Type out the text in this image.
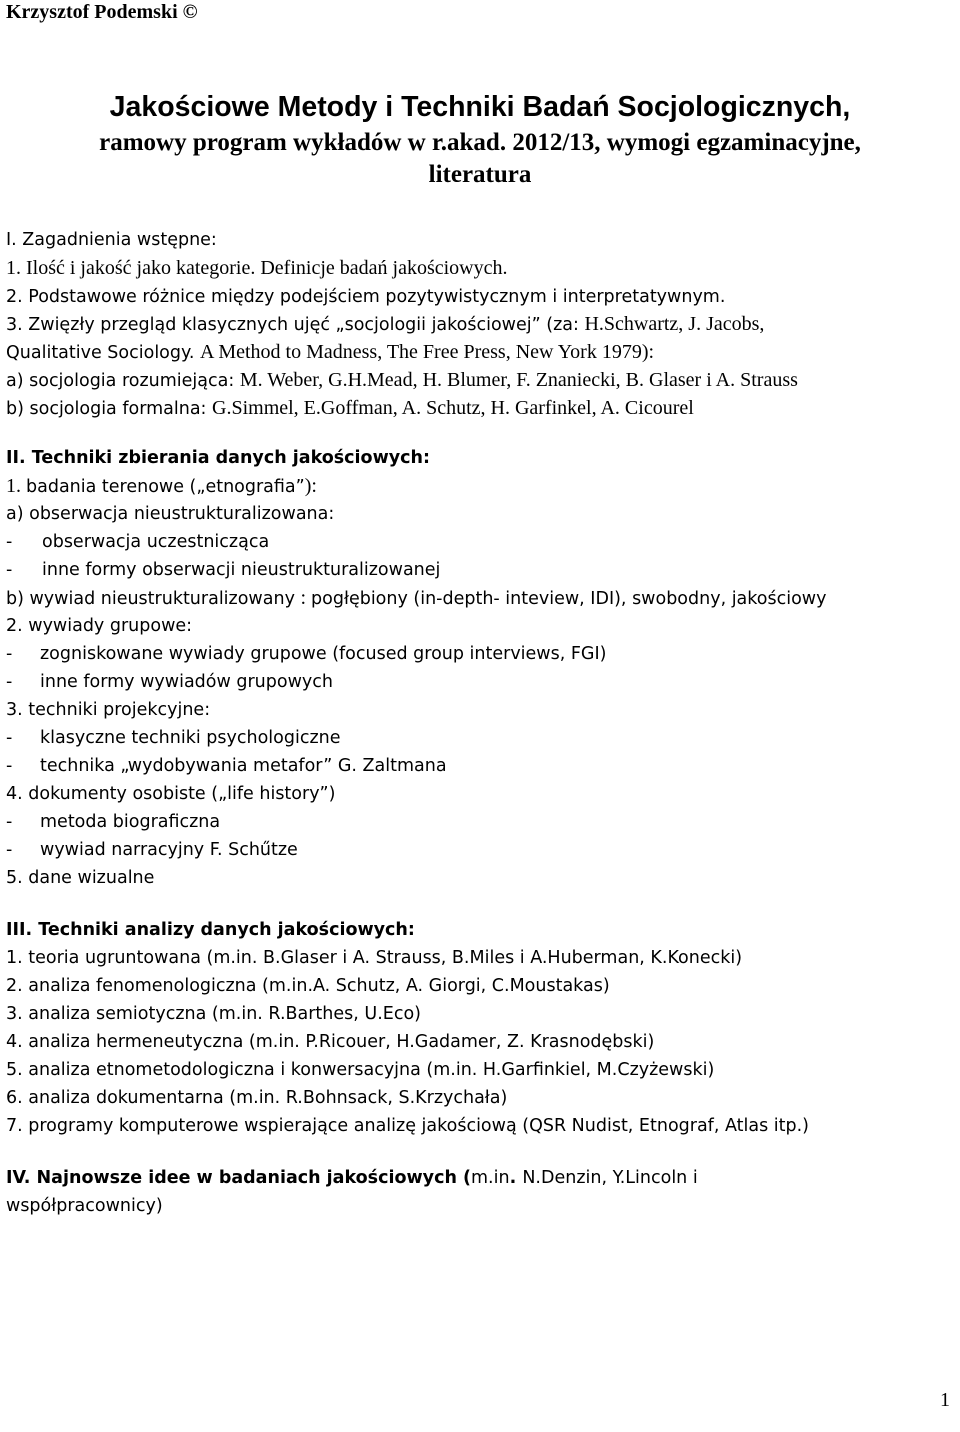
Krzysztof Podemski ©
Jakościowe Metody i Techniki Badań Socjologicznych,
ramowy program wykładów w r.akad. 2012/13, wymogi egzaminacyjne,
literatura
I. Zagadnienia wstępne:
1. Ilość i jakość jako kategorie. Definicje badań jakościowych.
2. Podstawowe różnice między podejściem pozytywistycznym i interpretatywnym.
3. Zwięzły przegląd klasycznych ujęć „socjologii jakościowej” (za: H.Schwartz, J. Jacobs,
Qualitative Sociology. A Method to Madness, The Free Press, New York 1979):
a) socjologia rozumiejąca: M. Weber, G.H.Mead, H. Blumer, F. Znaniecki, B. Glaser i A. Strauss
b) socjologia formalna: G.Simmel, E.Goffman, A. Schutz, H. Garfinkel, A. Cicourel
II. Techniki zbierania danych jakościowych:
1. badania terenowe („etnografia”):
a) obserwacja nieustrukturalizowana:
- obserwacja uczestnicząca
- inne formy obserwacji nieustrukturalizowanej
b) wywiad nieustrukturalizowany : pogłębiony (in-depth- inteview, IDI), swobodny, jakościowy
2. wywiady grupowe:
- zogniskowane wywiady grupowe (focused group interviews, FGI)
- inne formy wywiadów grupowych
3. techniki projekcyjne:
- klasyczne techniki psychologiczne
- technika „wydobywania metafor” G. Zaltmana
4. dokumenty osobiste („life history”)
- metoda biograficzna
- wywiad narracyjny F. Schűtze
5. dane wizualne
III. Techniki analizy danych jakościowych:
1. teoria ugruntowana (m.in. B.Glaser i A. Strauss, B.Miles i A.Huberman, K.Konecki)
2. analiza fenomenologiczna (m.in.A. Schutz, A. Giorgi, C.Moustakas)
3. analiza semiotyczna (m.in. R.Barthes, U.Eco)
4. analiza hermeneutyczna (m.in. P.Ricouer, H.Gadamer, Z. Krasnodębski)
5. analiza etnometodologiczna i konwersacyjna (m.in. H.Garfinkiel, M.Czyżewski)
6. analiza dokumentarna (m.in. R.Bohnsack, S.Krzychała)
7. programy komputerowe wspierające analizę jakościową (QSR Nudist, Etnograf, Atlas itp.)
IV. Najnowsze idee w badaniach jakościowych (m.in. N.Denzin, Y.Lincoln i
współpracownicy)
1
